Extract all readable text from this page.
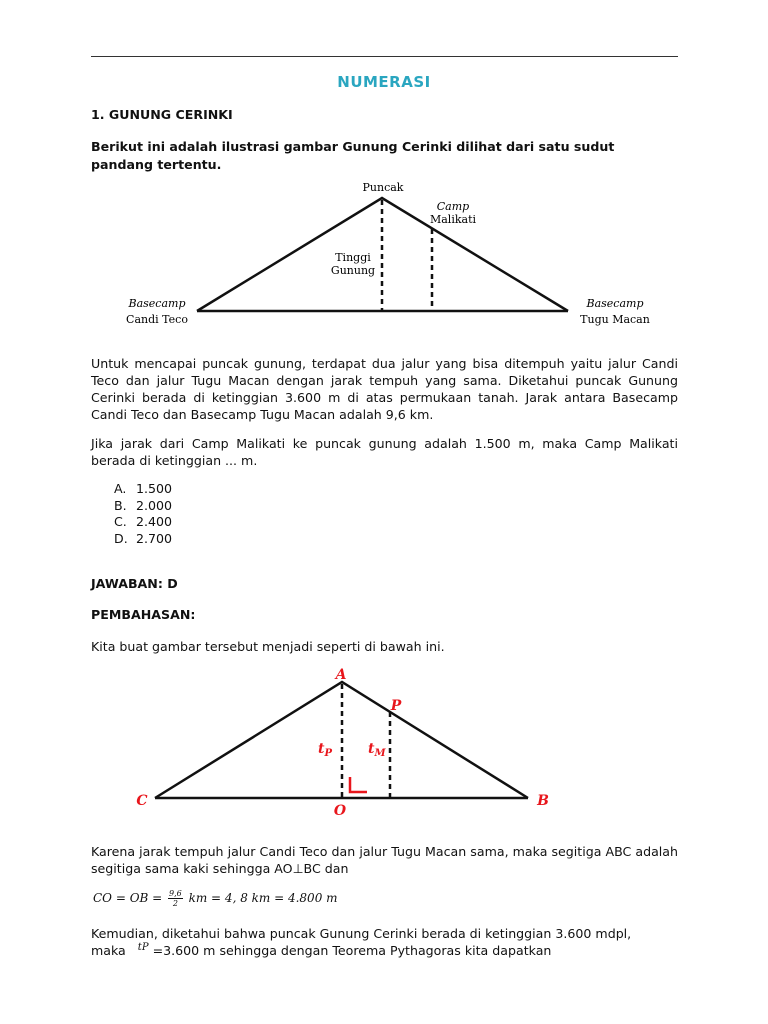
NUMERASI
1. GUNUNG CERINKI
Berikut ini adalah ilustrasi gambar Gunung Cerinki dilihat dari satu sudut pandang tertentu.
Puncak
Camp
Malikati
Tinggi
Gunung
Basecamp
Candi Teco
Basecamp
Tugu Macan
Untuk mencapai puncak gunung, terdapat dua jalur yang bisa ditempuh yaitu jalur Candi Teco dan jalur Tugu Macan dengan jarak tempuh yang sama. Diketahui puncak Gunung Cerinki berada di ketinggian 3.600 m di atas permukaan tanah. Jarak antara Basecamp Candi Teco dan Basecamp Tugu Macan adalah 9,6 km.
Jika jarak dari Camp Malikati ke puncak gunung adalah 1.500 m, maka Camp Malikati berada di ketinggian ... m.
A. 1.500
B. 2.000
C. 2.400
D. 2.700
JAWABAN: D
PEMBAHASAN:
Kita buat gambar tersebut menjadi seperti di bawah ini.
A
P
C	B
O
$t_P$	$t_M$
Karena jarak tempuh jalur Candi Teco dan jalur Tugu Macan sama, maka segitiga ABC adalah segitiga sama kaki sehingga AO⊥BC dan
CO = OB = $\frac{9,6}{2}$ km = 4, 8 km = 4.800 m
Kemudian, diketahui bahwa puncak Gunung Cerinki berada di ketinggian 3.600 mdpl,
maka $^{tP}$ =3.600 m sehingga dengan Teorema Pythagoras kita dapatkan
